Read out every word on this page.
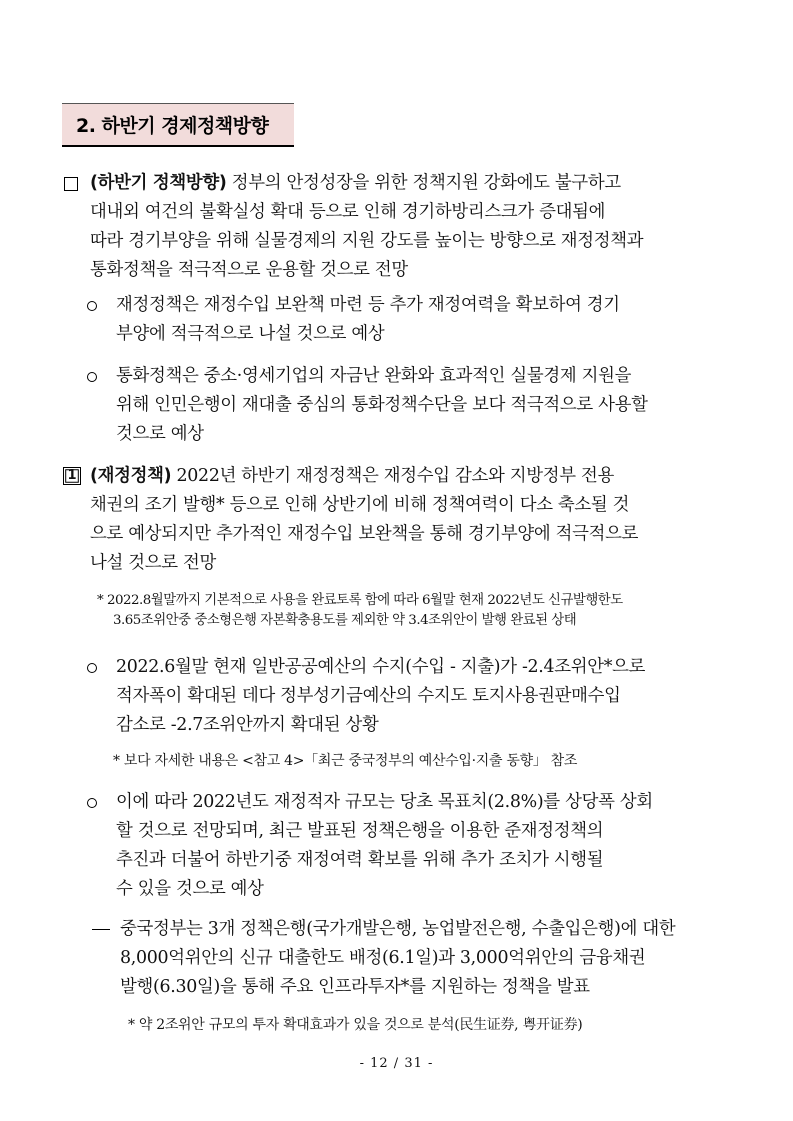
2. 하반기 경제정책방향
(하반기 정책방향) 정부의 안정성장을 위한 정책지원 강화에도 불구하고
대내외 여건의 불확실성 확대 등으로 인해 경기하방리스크가 증대됨에
따라 경기부양을 위해 실물경제의 지원 강도를 높이는 방향으로 재정정책과
통화정책을 적극적으로 운용할 것으로 전망
재정정책은 재정수입 보완책 마련 등 추가 재정여력을 확보하여 경기
부양에 적극적으로 나설 것으로 예상
통화정책은 중소·영세기업의 자금난 완화와 효과적인 실물경제 지원을
위해 인민은행이 재대출 중심의 통화정책수단을 보다 적극적으로 사용할
것으로 예상
1 (재정정책) 2022년 하반기 재정정책은 재정수입 감소와 지방정부 전용
채권의 조기 발행* 등으로 인해 상반기에 비해 정책여력이 다소 축소될 것
으로 예상되지만 추가적인 재정수입 보완책을 통해 경기부양에 적극적으로
나설 것으로 전망
* 2022.8월말까지 기본적으로 사용을 완료토록 함에 따라 6월말 현재 2022년도 신규발행한도
3.65조위안중 중소형은행 자본확충용도를 제외한 약 3.4조위안이 발행 완료된 상태
2022.6월말 현재 일반공공예산의 수지(수입 - 지출)가 -2.4조위안*으로
적자폭이 확대된 데다 정부성기금예산의 수지도 토지사용권판매수입
감소로 -2.7조위안까지 확대된 상황
* 보다 자세한 내용은 <참고 4>「최근 중국정부의 예산수입·지출 동향」 참조
이에 따라 2022년도 재정적자 규모는 당초 목표치(2.8%)를 상당폭 상회
할 것으로 전망되며, 최근 발표된 정책은행을 이용한 준재정정책의
추진과 더불어 하반기중 재정여력 확보를 위해 추가 조치가 시행될
수 있을 것으로 예상
중국정부는 3개 정책은행(국가개발은행, 농업발전은행, 수출입은행)에 대한
8,000억위안의 신규 대출한도 배정(6.1일)과 3,000억위안의 금융채권
발행(6.30일)을 통해 주요 인프라투자*를 지원하는 정책을 발표
* 약 2조위안 규모의 투자 확대효과가 있을 것으로 분석(民生证券, 粤开证券)
- 12 / 31 -
